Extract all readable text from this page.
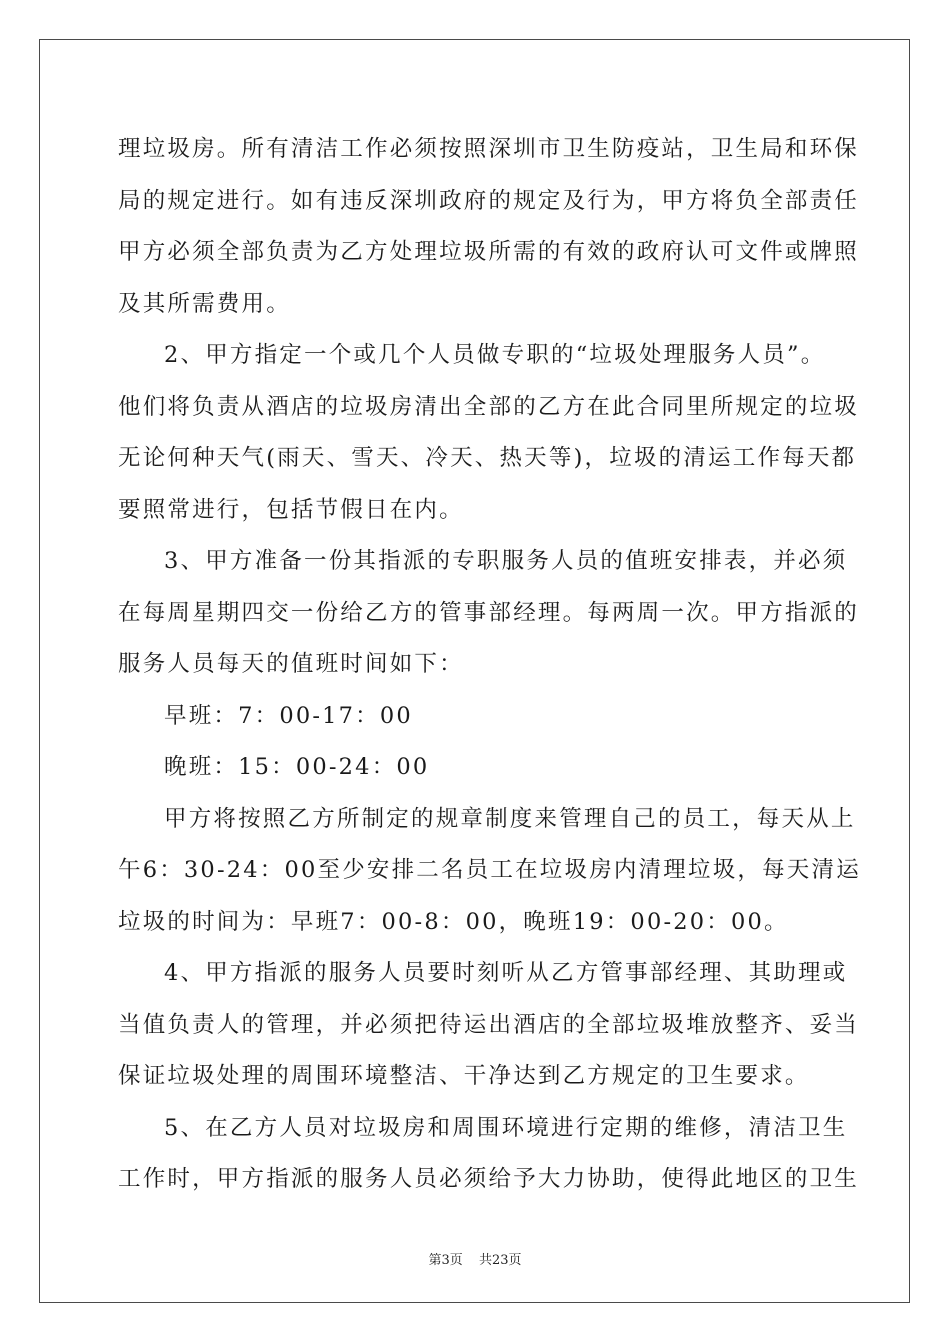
理垃圾房。所有清洁工作必须按照深圳市卫生防疫站，卫生局和环保
局的规定进行。如有违反深圳政府的规定及行为，甲方将负全部责任
甲方必须全部负责为乙方处理垃圾所需的有效的政府认可文件或牌照
及其所需费用。
2、甲方指定一个或几个人员做专职的“垃圾处理服务人员”。
他们将负责从酒店的垃圾房清出全部的乙方在此合同里所规定的垃圾
无论何种天气(雨天、雪天、冷天、热天等)，垃圾的清运工作每天都
要照常进行，包括节假日在内。
3、甲方准备一份其指派的专职服务人员的值班安排表，并必须
在每周星期四交一份给乙方的管事部经理。每两周一次。甲方指派的
服务人员每天的值班时间如下：
早班：7：00-17：00
晚班：15：00-24：00
甲方将按照乙方所制定的规章制度来管理自己的员工，每天从上
午6：30-24：00至少安排二名员工在垃圾房内清理垃圾，每天清运
垃圾的时间为：早班7：00-8：00，晚班19：00-20：00。
4、甲方指派的服务人员要时刻听从乙方管事部经理、其助理或
当值负责人的管理，并必须把待运出酒店的全部垃圾堆放整齐、妥当
保证垃圾处理的周围环境整洁、干净达到乙方规定的卫生要求。
5、在乙方人员对垃圾房和周围环境进行定期的维修，清洁卫生
工作时，甲方指派的服务人员必须给予大力协助，使得此地区的卫生
第3页 共23页
